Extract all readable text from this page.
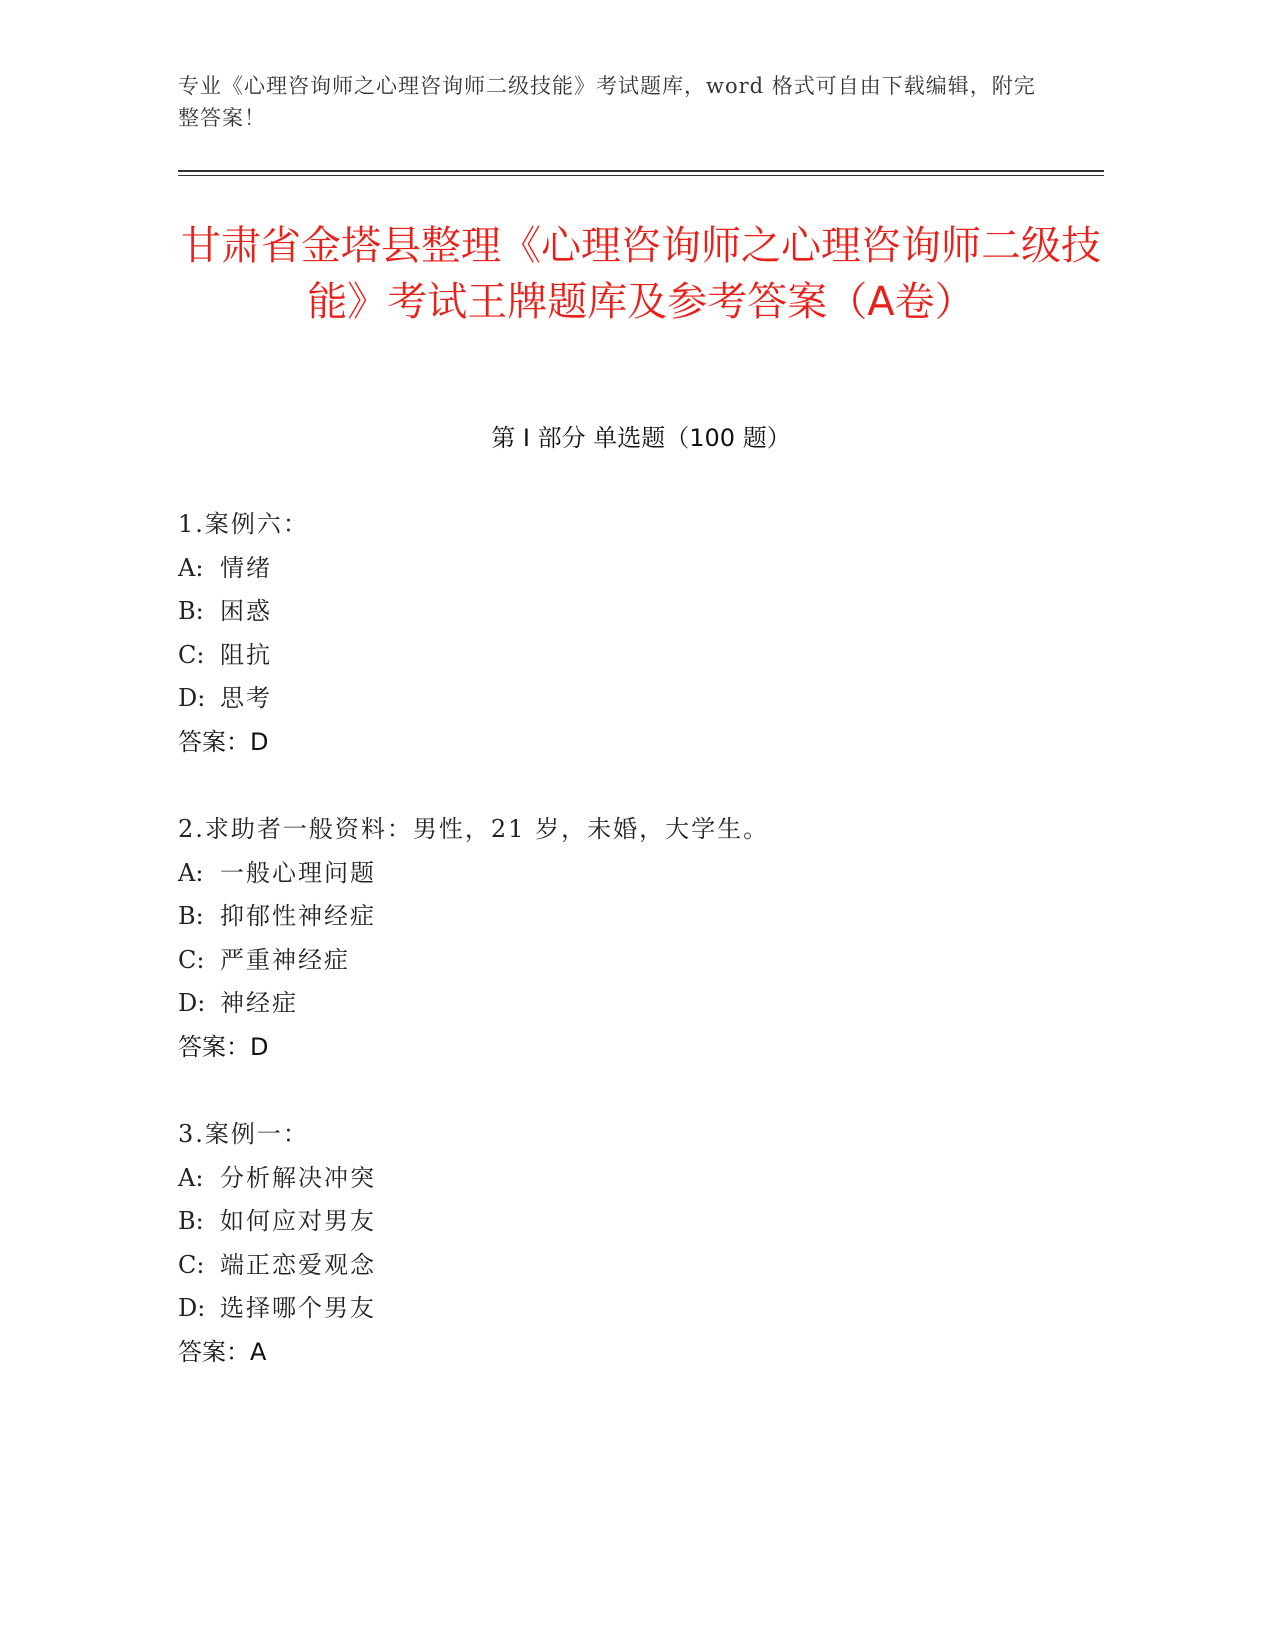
专业《心理咨询师之心理咨询师二级技能》考试题库，word 格式可自由下载编辑，附完整答案！
甘肃省金塔县整理《心理咨询师之心理咨询师二级技能》考试王牌题库及参考答案（A卷）
第 I 部分 单选题（100 题）
1.案例六：
A: 情绪
B: 困惑
C: 阻抗
D: 思考
答案：D
2.求助者一般资料：男性，21 岁，未婚，大学生。
A: 一般心理问题
B: 抑郁性神经症
C: 严重神经症
D: 神经症
答案：D
3.案例一：
A: 分析解决冲突
B: 如何应对男友
C: 端正恋爱观念
D: 选择哪个男友
答案：A
